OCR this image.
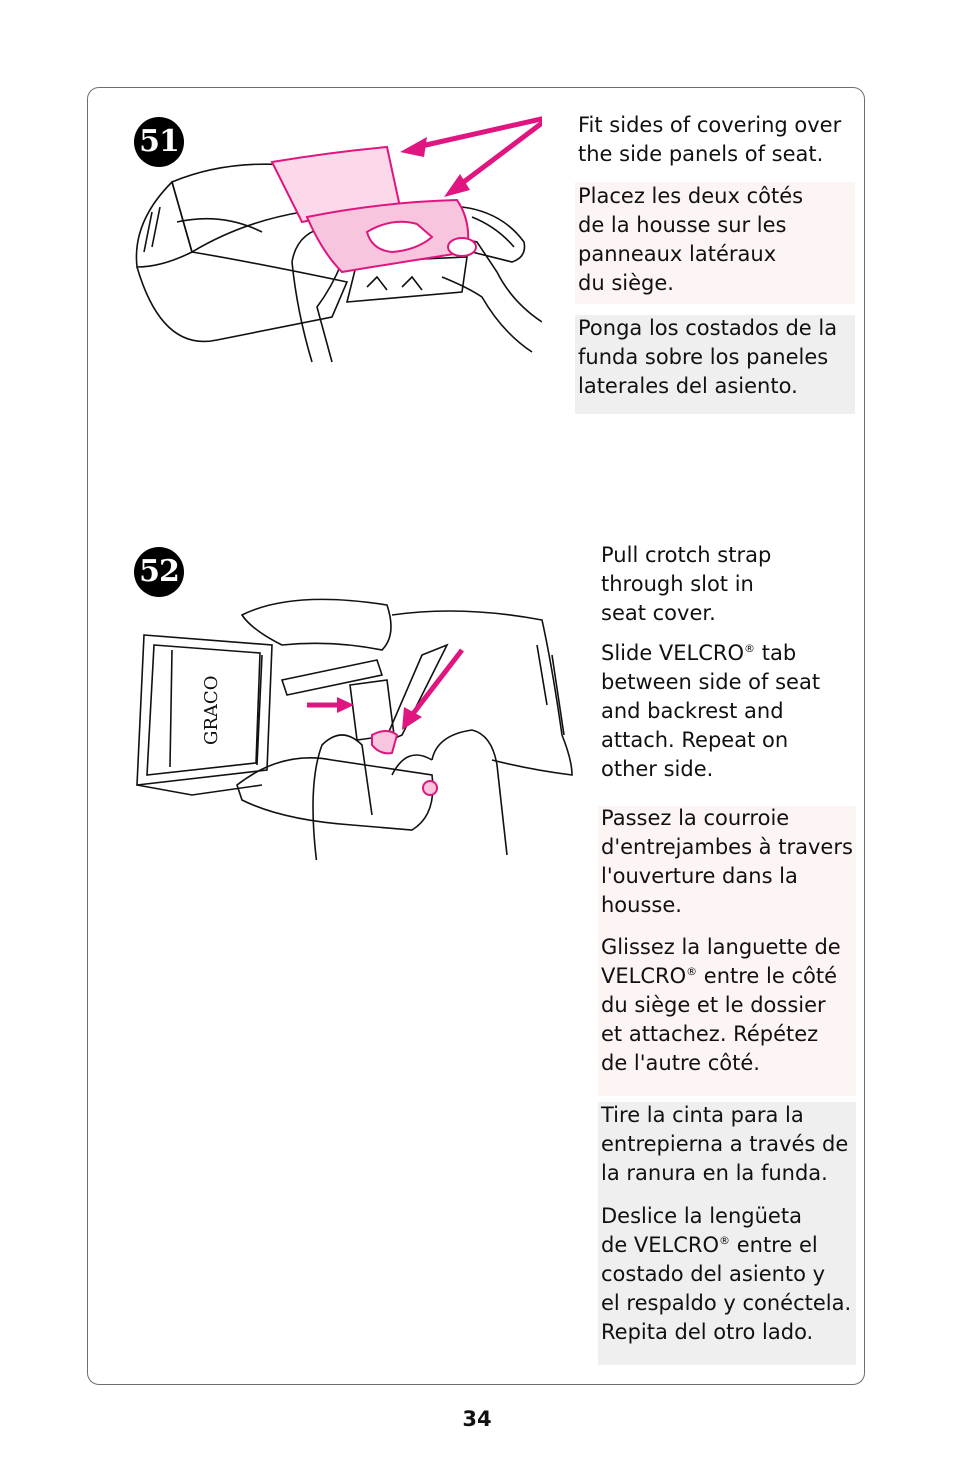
51	Fit sides of covering over
the side panels of seat.
Placez les deux côtés
de la housse sur les
panneaux latéraux
du siège.
Ponga los costados de la
funda sobre los paneles
laterales del asiento.
52
GRACO
Pull crotch strap
through slot in
seat cover.
Slide VELCRO® tab
between side of seat
and backrest and
attach. Repeat on
other side.
Passez la courroie
d'entrejambes à travers
l'ouverture dans la
housse.
Glissez la languette de
VELCRO® entre le côté
du siège et le dossier
et attachez. Répétez
de l'autre côté.
Tire la cinta para la
entrepierna a través de
la ranura en la funda.
Deslice la lengüeta
de VELCRO® entre el
costado del asiento y
el respaldo y conéctela.
Repita del otro lado.
34
